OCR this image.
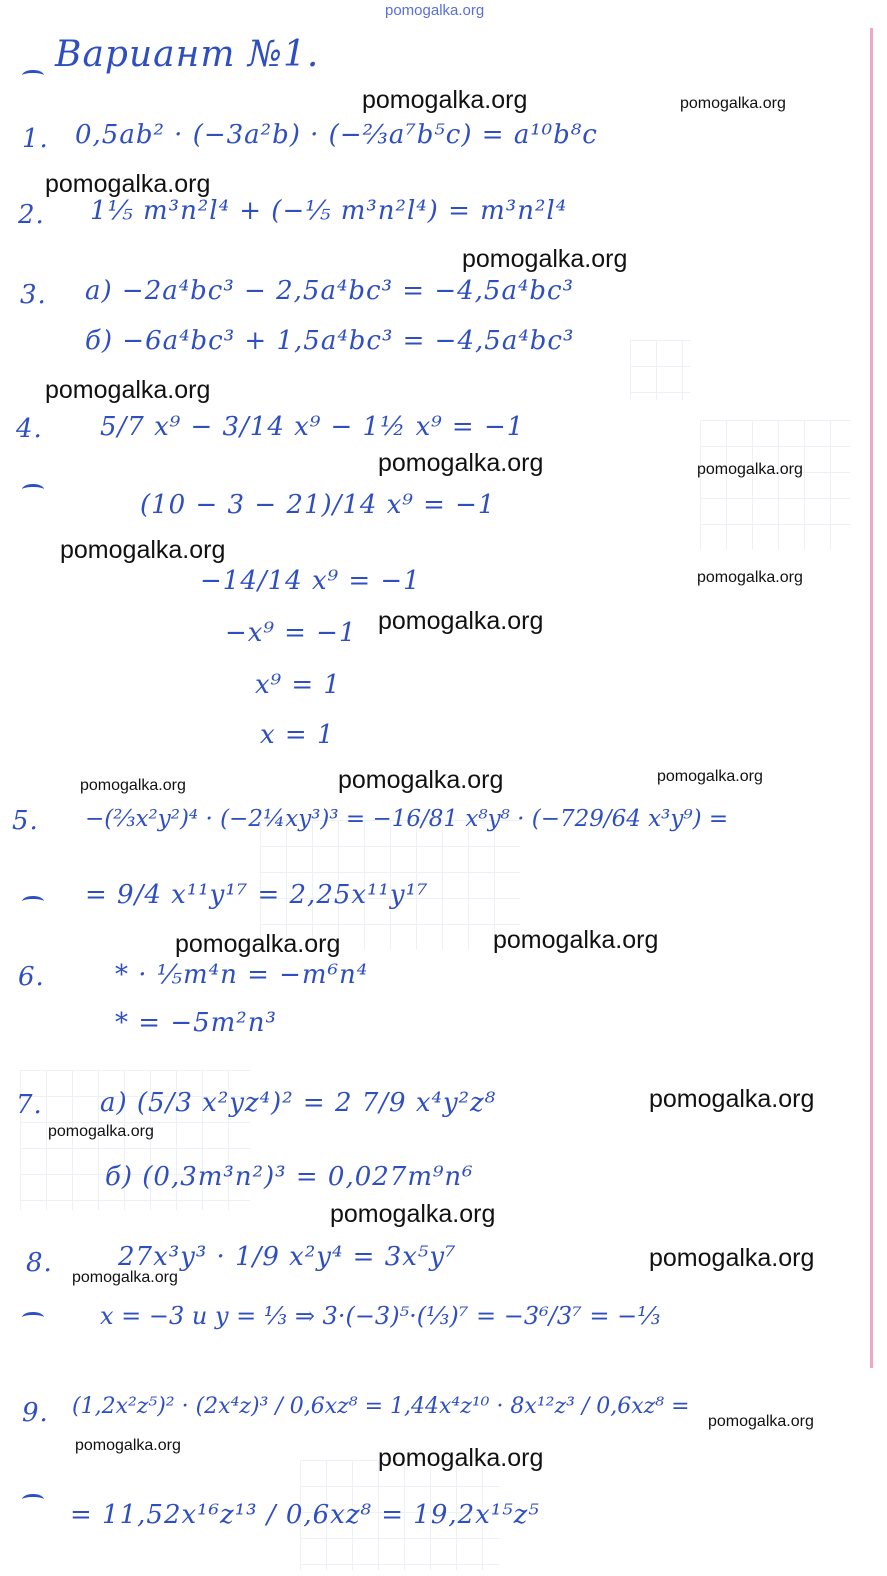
pomogalka.org
Вариант №1.
1. 0,5ab² · (−3a²b) · (−⅔a⁷b⁵c) = a¹⁰b⁸c
2. 1⅕ m³n²l⁴ + (−⅕ m³n²l⁴) = m³n²l⁴
3. а) −2a⁴bc³ − 2,5a⁴bc³ = −4,5a⁴bc³
б) −6a⁴bc³ + 1,5a⁴bc³ = −4,5a⁴bc³
4. 5/7 x⁹ − 3/14 x⁹ − 1½ x⁹ = −1
(10 − 3 − 21)/14 x⁹ = −1
−14/14 x⁹ = −1
−x⁹ = −1
x⁹ = 1
x = 1
5. −(⅔x²y²)⁴ · (−2¼xy³)³ = −16/81 x⁸y⁸ · (−729/64 x³y⁹) =
= 9/4 x¹¹y¹⁷ = 2,25x¹¹y¹⁷
6.	* · ⅕m⁴n = −m⁶n⁴
* = −5m²n³
7. а) (5/3 x²yz⁴)² = 2 7/9 x⁴y²z⁸
б) (0,3m³n²)³ = 0,027m⁹n⁶
8.	27x³y³ · 1/9 x²y⁴ = 3x⁵y⁷
x = −3 и y = ⅓ ⇒ 3·(−3)⁵·(⅓)⁷ = −3⁶/3⁷ = −⅓
9. (1,2x²z⁵)² · (2x⁴z)³ / 0,6xz⁸ = 1,44x⁴z¹⁰ · 8x¹²z³ / 0,6xz⁸ =
= 11,52x¹⁶z¹³ / 0,6xz⁸ = 19,2x¹⁵z⁵
pomogalka.org	pomogalka.org
pomogalka.org
pomogalka.org
pomogalka.org
pomogalka.org	pomogalka.org
pomogalka.org
pomogalka.org
pomogalka.org
pomogalka.org	pomogalka.org	pomogalka.org
pomogalka.org	pomogalka.org
pomogalka.org
pomogalka.org
pomogalka.org
pomogalka.org
pomogalka.org
pomogalka.org
pomogalka.org	pomogalka.org
